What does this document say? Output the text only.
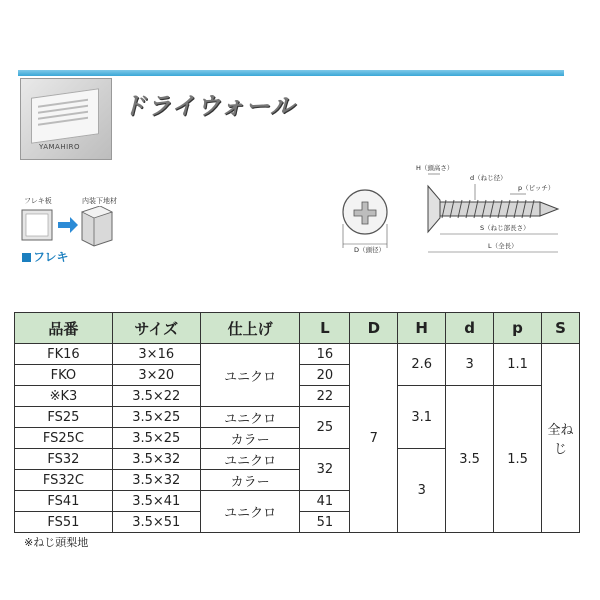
YAMAHIRO
ドライウォール
フレキ板	内装下地材
フレキ	D（頭径）
H（頭高さ）
d（ねじ径）
p（ピッチ）
S（ねじ部長さ）
L（全長）
品番	サイズ	仕上げ	L	D	H	d	p	S
FK16	3×16	ユニクロ	16	7	2.6	3	1.1	全ねじ
FKO	3×20		20					
※K3	3.5×22		22		3.1	3.5	1.5	
FS25	3.5×25	ユニクロ	25					
FS25C	3.5×25	カラー						
FS32	3.5×32	ユニクロ	32		3			
FS32C	3.5×32	カラー						
FS41	3.5×41	ユニクロ	41					
FS51	3.5×51		51					
※ねじ頭梨地
